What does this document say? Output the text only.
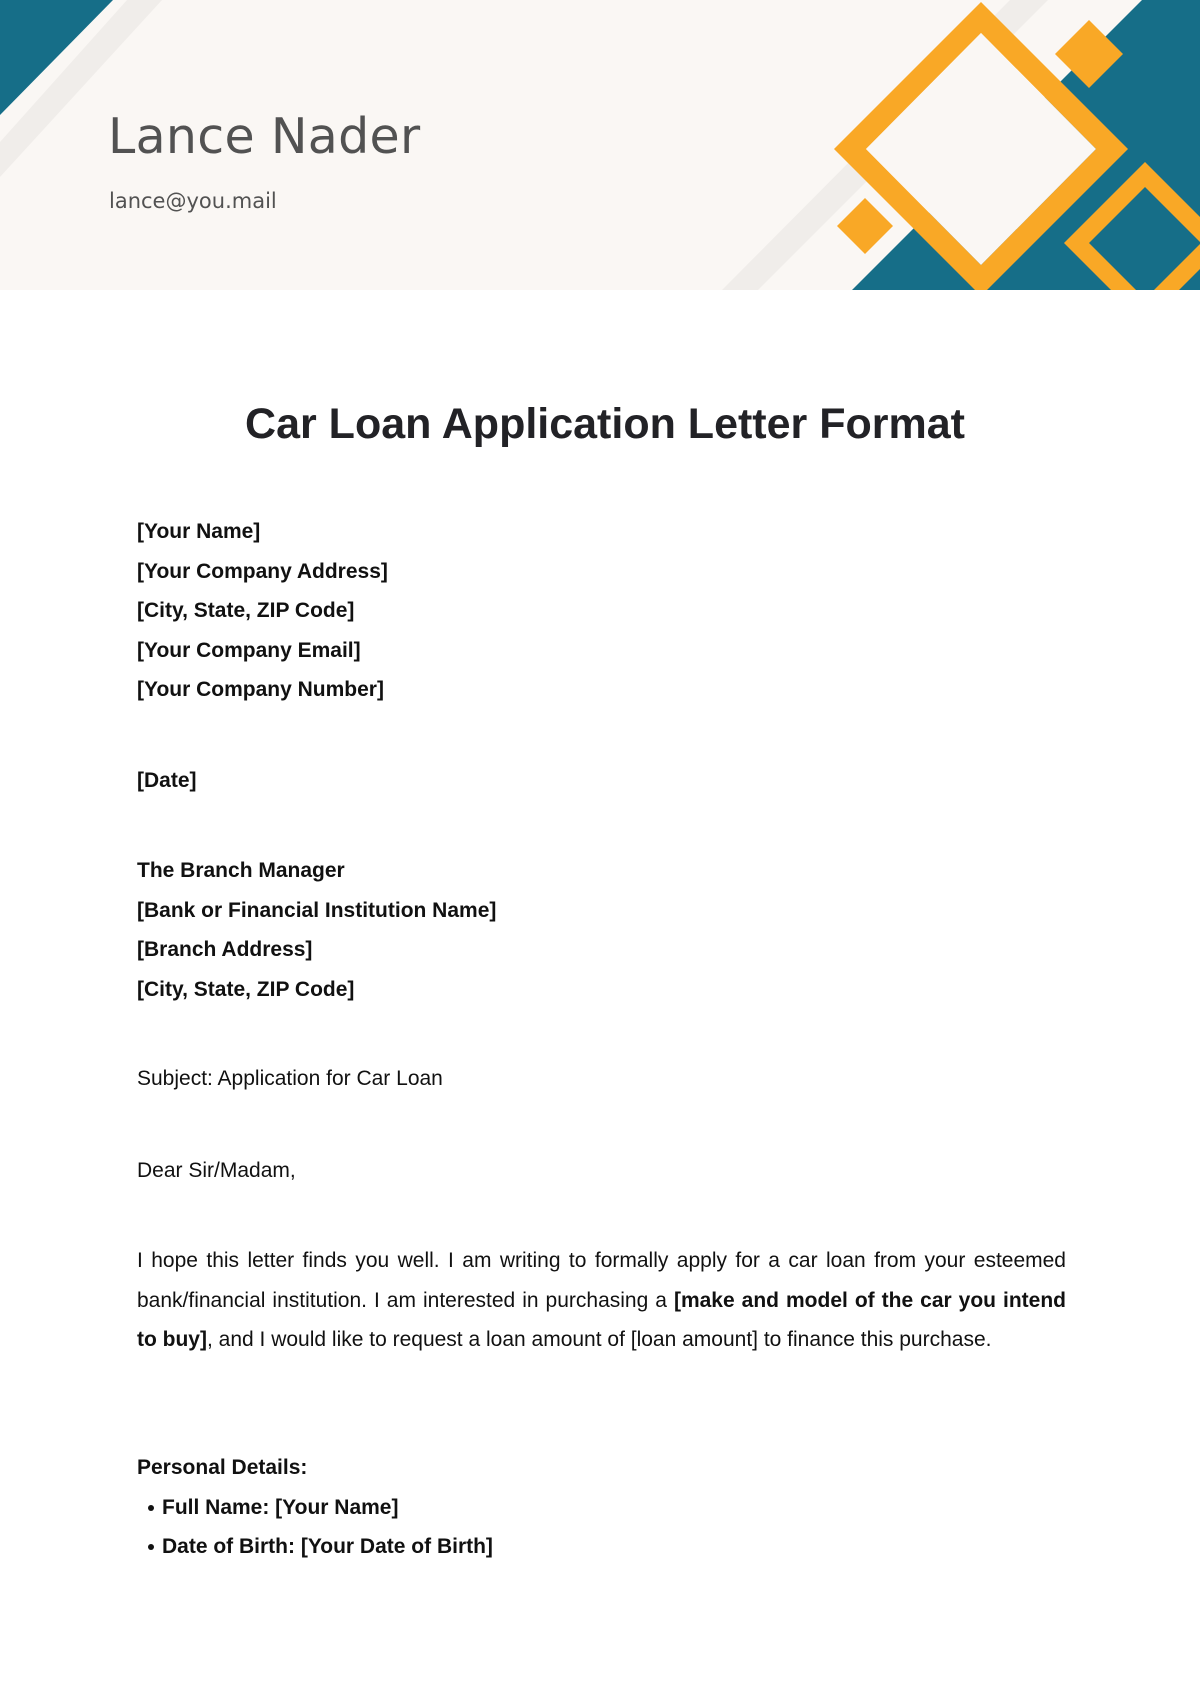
Lance Nader
lance@you.mail
Car Loan Application Letter Format
[Your Name]
[Your Company Address]
[City, State, ZIP Code]
[Your Company Email]
[Your Company Number]
[Date]
The Branch Manager
[Bank or Financial Institution Name]
[Branch Address]
[City, State, ZIP Code]
Subject: Application for Car Loan
Dear Sir/Madam,

I hope this letter finds you well. I am writing to formally apply for a car loan from your esteemed bank/financial institution. I am interested in purchasing a [make and model of the car you intend to buy], and I would like to request a loan amount of [loan amount] to finance this purchase.

Personal Details:
Full Name: [Your Name]
Date of Birth: [Your Date of Birth]
